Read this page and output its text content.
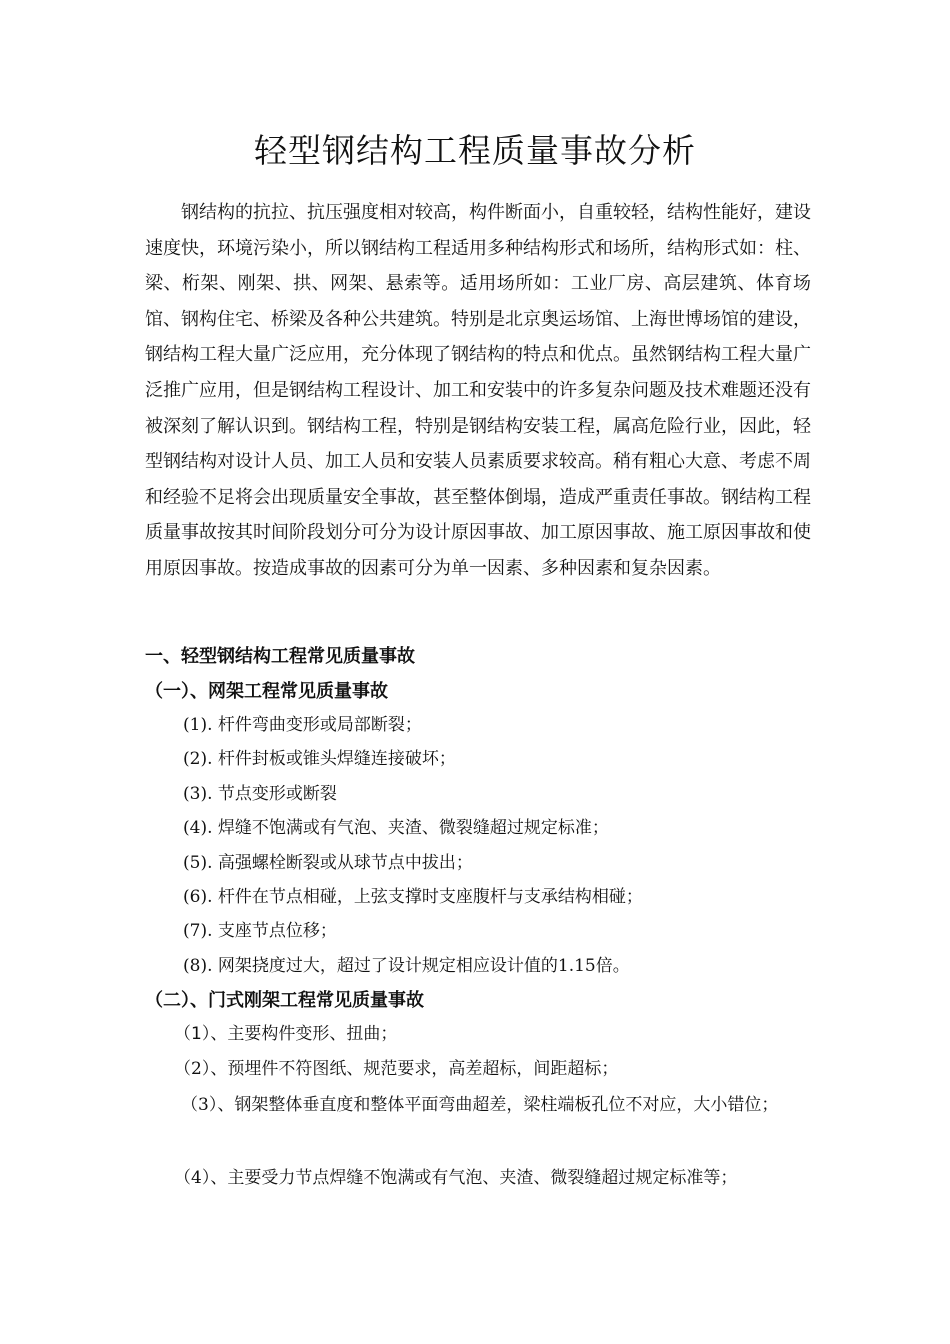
轻型钢结构工程质量事故分析

钢结构的抗拉、抗压强度相对较高，构件断面小，自重较轻，结构性能好，建设速度快，环境污染小，所以钢结构工程适用多种结构形式和场所，结构形式如：柱、梁、桁架、刚架、拱、网架、悬索等。适用场所如：工业厂房、高层建筑、体育场馆、钢构住宅、桥梁及各种公共建筑。特别是北京奥运场馆、上海世博场馆的建设，钢结构工程大量广泛应用，充分体现了钢结构的特点和优点。虽然钢结构工程大量广泛推广应用，但是钢结构工程设计、加工和安装中的许多复杂问题及技术难题还没有被深刻了解认识到。钢结构工程，特别是钢结构安装工程，属高危险行业，因此，轻型钢结构对设计人员、加工人员和安装人员素质要求较高。稍有粗心大意、考虑不周和经验不足将会出现质量安全事故，甚至整体倒塌，造成严重责任事故。钢结构工程质量事故按其时间阶段划分可分为设计原因事故、加工原因事故、施工原因事故和使用原因事故。按造成事故的因素可分为单一因素、多种因素和复杂因素。

一、轻型钢结构工程常见质量事故
（一）、网架工程常见质量事故
(1). 杆件弯曲变形或局部断裂；
(2). 杆件封板或锥头焊缝连接破坏；
(3). 节点变形或断裂
(4). 焊缝不饱满或有气泡、夹渣、微裂缝超过规定标准；
(5). 高强螺栓断裂或从球节点中拔出；
(6). 杆件在节点相碰，上弦支撑时支座腹杆与支承结构相碰；
(7). 支座节点位移；
(8). 网架挠度过大，超过了设计规定相应设计值的1.15倍。
（二）、门式刚架工程常见质量事故
（1）、主要构件变形、扭曲；
（2）、预埋件不符图纸、规范要求，高差超标，间距超标；

（3）、钢架整体垂直度和整体平面弯曲超差，梁柱端板孔位不对应，大小错位；

（4）、主要受力节点焊缝不饱满或有气泡、夹渣、微裂缝超过规定标准等；
